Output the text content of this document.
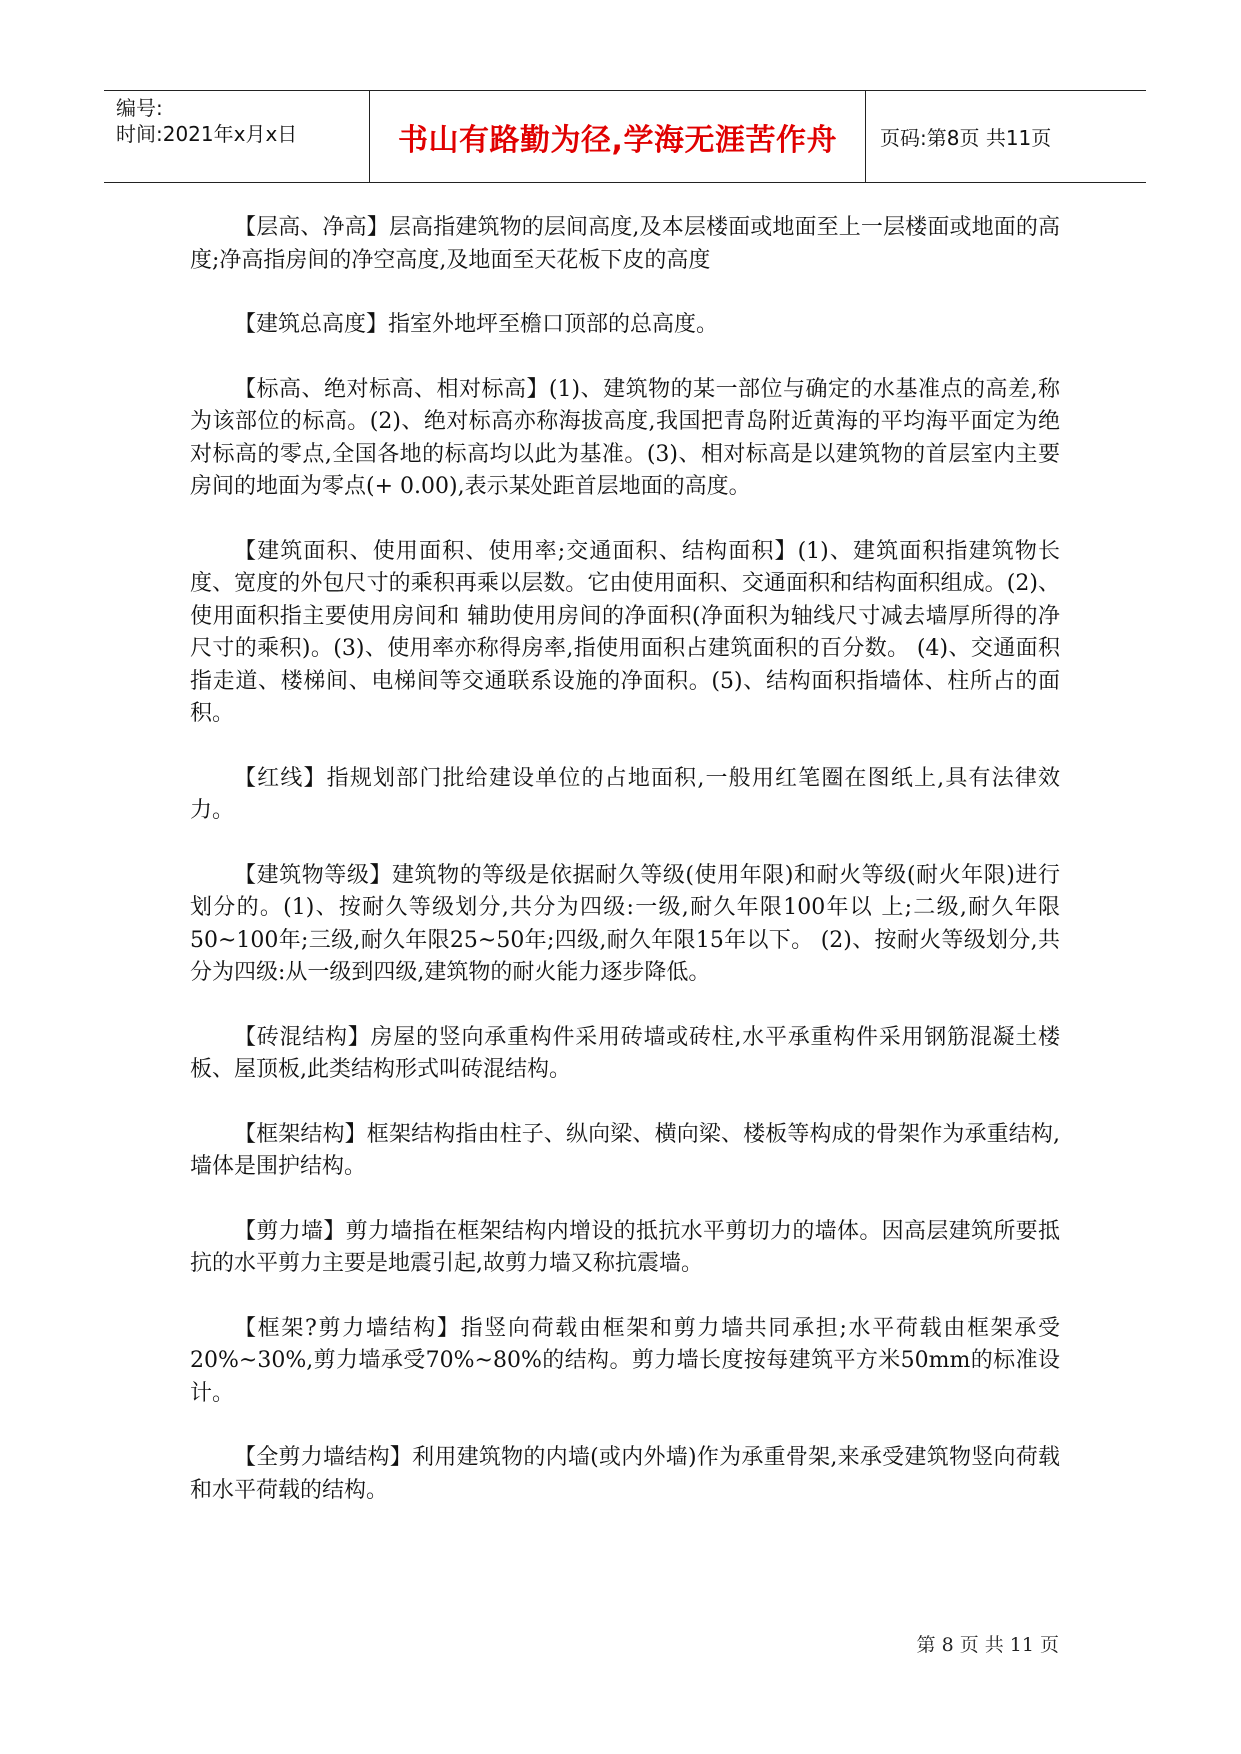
编号:
时间:2021年x月x日	书山有路勤为径,学海无涯苦作舟 页码:第8页 共11页

【层高、净高】层高指建筑物的层间高度,及本层楼面或地面至上一层楼面或地面的高度;净高指房间的净空高度,及地面至天花板下皮的高度

【建筑总高度】指室外地坪至檐口顶部的总高度。

【标高、绝对标高、相对标高】(1)、建筑物的某一部位与确定的水基准点的高差,称为该部位的标高。(2)、绝对标高亦称海拔高度,我国把青岛附近黄海的平均海平面定为绝 对标高的零点,全国各地的标高均以此为基准。(3)、相对标高是以建筑物的首层室内主要房间的地面为零点(+ 0.00),表示某处距首层地面的高度。

【建筑面积、使用面积、使用率;交通面积、结构面积】(1)、建筑面积指建筑物长度、宽度的外包尺寸的乘积再乘以层数。它由使用面积、交通面积和结构面积组成。(2)、使用面积指主要使用房间和 辅助使用房间的净面积(净面积为轴线尺寸减去墙厚所得的净尺寸的乘积)。(3)、使用率亦称得房率,指使用面积占建筑面积的百分数。 (4)、交通面积指走道、楼梯间、电梯间等交通联系设施的净面积。(5)、结构面积指墙体、柱所占的面积。

【红线】指规划部门批给建设单位的占地面积,一般用红笔圈在图纸上,具有法律效力。

【建筑物等级】建筑物的等级是依据耐久等级(使用年限)和耐火等级(耐火年限)进行划分的。(1)、按耐久等级划分,共分为四级:一级,耐久年限100年以 上;二级,耐久年限50~100年;三级,耐久年限25~50年;四级,耐久年限15年以下。 (2)、按耐火等级划分,共分为四级:从一级到四级,建筑物的耐火能力逐步降低。

【砖混结构】房屋的竖向承重构件采用砖墙或砖柱,水平承重构件采用钢筋混凝土楼板、屋顶板,此类结构形式叫砖混结构。

【框架结构】框架结构指由柱子、纵向梁、横向梁、楼板等构成的骨架作为承重结构,墙体是围护结构。

【剪力墙】剪力墙指在框架结构内增设的抵抗水平剪切力的墙体。因高层建筑所要抵抗的水平剪力主要是地震引起,故剪力墙又称抗震墙。

【框架?剪力墙结构】指竖向荷载由框架和剪力墙共同承担;水平荷载由框架承受20%~30%,剪力墙承受70%~80%的结构。剪力墙长度按每建筑平方米50mm的标准设计。

【全剪力墙结构】利用建筑物的内墙(或内外墙)作为承重骨架,来承受建筑物竖向荷载和水平荷载的结构。

第 8 页 共 11 页
